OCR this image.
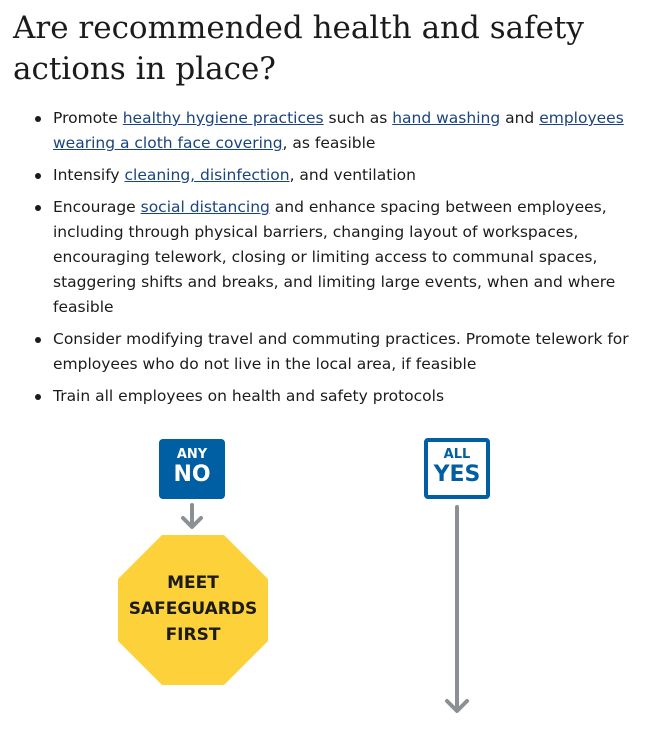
Are recommended health and safety actions in place?
Promote healthy hygiene practices such as hand washing and employees wearing a cloth face covering, as feasible
Intensify cleaning, disinfection, and ventilation
Encourage social distancing and enhance spacing between employees, including through physical barriers, changing layout of workspaces, encouraging telework, closing or limiting access to communal spaces, staggering shifts and breaks, and limiting large events, when and where feasible
Consider modifying travel and commuting practices. Promote telework for employees who do not live in the local area, if feasible
Train all employees on health and safety protocols
ANY
NO
ALL
YES
MEET
SAFEGUARDS
FIRST
